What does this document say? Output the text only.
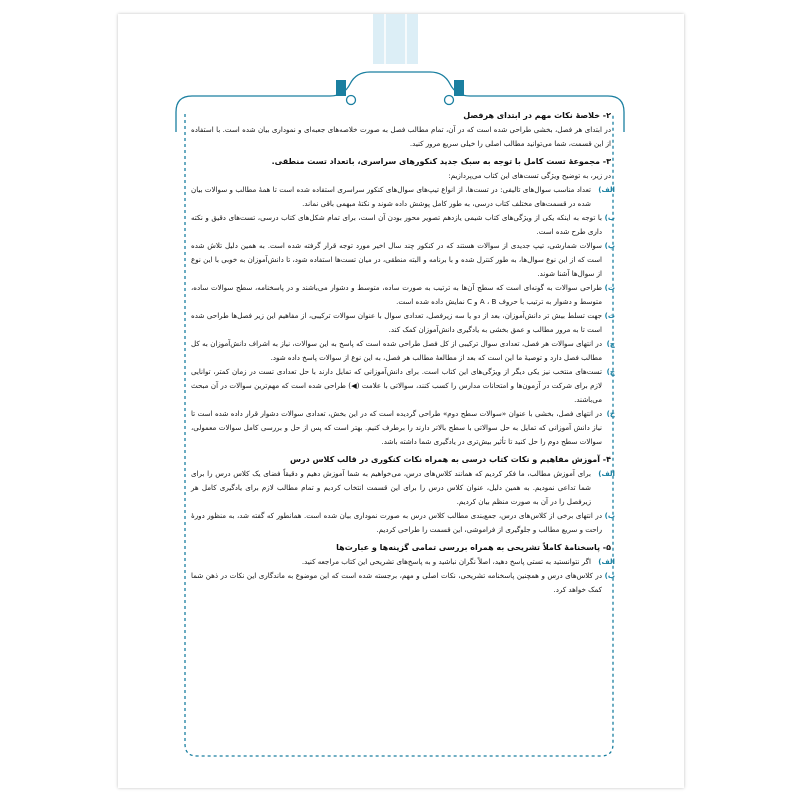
۲- خلاصهٔ نکات مهم در ابتدای هرفصل

در ابتدای هر فصل، بخشی طراحی شده است که در آن، تمام مطالب فصل به صورت خلاصه‌های جعبه‌ای و نموداری بیان شده است. با استفاده از این قسمت، شما می‌توانید مطالب اصلی را خیلی سریع مرور کنید.

۳- مجموعهٔ تست کامل با توجه به سبک جدید کنکورهای سراسری، باتعداد تست منطقی.

در زیر، به توضیح ویژگی تست‌های این کتاب می‌پردازیم:

الف)
تعداد مناسب سوال‌های تالیفی: در تست‌ها، از انواع تیپ‌های سوال‌های کنکور سراسری استفاده شده است تا همهٔ مطالب و سوالات بیان شده در قسمت‌های مختلف کتاب درسی، به طور کامل پوشش داده شوند و نکتهٔ مبهمی باقی نماند.

ب)
با توجه به اینکه یکی از ویژگی‌های کتاب شیمی یازدهم تصویر محور بودن آن است، برای تمام شکل‌های کتاب درسی، تست‌های دقیق و نکته داری طرح شده است.

پ)
سوالات شمارشی، تیپ جدیدی از سوالات هستند که در کنکور چند سال اخیر مورد توجه قرار گرفته شده است. به همین دلیل تلاش شده است که از این نوع سوال‌ها، به طور کنترل شده و با برنامه و البته منطقی، در میان تست‌ها استفاده شود، تا دانش‌آموزان به خوبی با این نوع از سوال‌ها آشنا شوند.

ت)
طراحی سوالات به گونه‌ای است که سطح آن‌ها به ترتیب به صورت ساده، متوسط و دشوار می‌باشند و در پاسخنامه، سطح سوالات ساده، متوسط و دشوار به ترتیب با حروف A ، B و C نمایش داده شده است.

ث)
جهت تسلط بیش تر دانش‌آموزان، بعد از دو یا سه زیرفصل، تعدادی سوال با عنوان سوالات ترکیبی، از مفاهیم این زیر فصل‌ها طراحی شده است تا به مرور مطالب و عمق بخشی به یادگیری دانش‌آموزان کمک کند.

ج)
در انتهای سوالات هر فصل، تعدادی سوال ترکیبی از کل فصل طراحی شده است که پاسخ به این سوالات، نیاز به اشراف دانش‌آموزان به کل مطالب فصل دارد و توصیهٔ ما این است که بعد از مطالعهٔ مطالب هر فصل، به این نوع از سوالات پاسخ داده شود.

چ)
تست‌های منتخب نیز یکی دیگر از ویژگی‌های این کتاب است. برای دانش‌آموزانی که تمایل دارند با حل تعدادی تست در زمان کمتر، توانایی لازم برای شرکت در آزمون‌ها و امتحانات مدارس را کسب کنند، سوالاتی با علامت (◀) طراحی شده است که مهم‌ترین سوالات در آن مبحث می‌باشند.

ح)
در انتهای فصل، بخشی با عنوان «سوالات سطح دوم» طراحی گردیده است که در این بخش، تعدادی سوالات دشوار قرار داده شده است تا نیاز دانش آموزانی که تمایل به حل سوالاتی با سطح بالاتر دارند را برطرف کنیم. بهتر است که پس از حل و بررسی کامل سوالات معمولی، سوالات سطح دوم را حل کنید تا تأثیر بیش‌تری در یادگیری شما داشته باشد.

۴- آموزش مفاهیم و نکات کتاب درسی به همراه نکات کنکوری در قالب کلاس درس

الف)
برای آموزش مطالب، ما فکر کردیم که همانند کلاس‌های درس، می‌خواهیم به شما آموزش دهیم و دقیقاً فضای یک کلاس درس را برای شما تداعی نمودیم. به همین دلیل، عنوان کلاس درس را برای این قسمت انتخاب کردیم و تمام مطالب لازم برای یادگیری کامل هر زیرفصل را در آن به صورت منظم بیان کردیم.

ب)
در انتهای برخی از کلاس‌های درس، جمع‌بندی مطالب کلاس درس به صورت نموداری بیان شده است. همانطور که گفته شد، به منظور دورهٔ راحت و سریع مطالب و جلوگیری از فراموشی، این قسمت را طراحی کردیم.

۵- پاسخنامهٔ کاملاً تشریحی به همراه بررسی تمامی گزینه‌ها و عبارت‌ها

الف)
اگر نتوانستید به تستی پاسخ دهید، اصلاً نگران نباشید و به پاسخ‌های تشریحی این کتاب مراجعه کنید.

ب)
در کلاس‌های درس و همچنین پاسخنامه تشریحی، نکات اصلی و مهم، برجسته شده است که این موضوع به ماندگاری این نکات در ذهن شما کمک خواهد کرد.
